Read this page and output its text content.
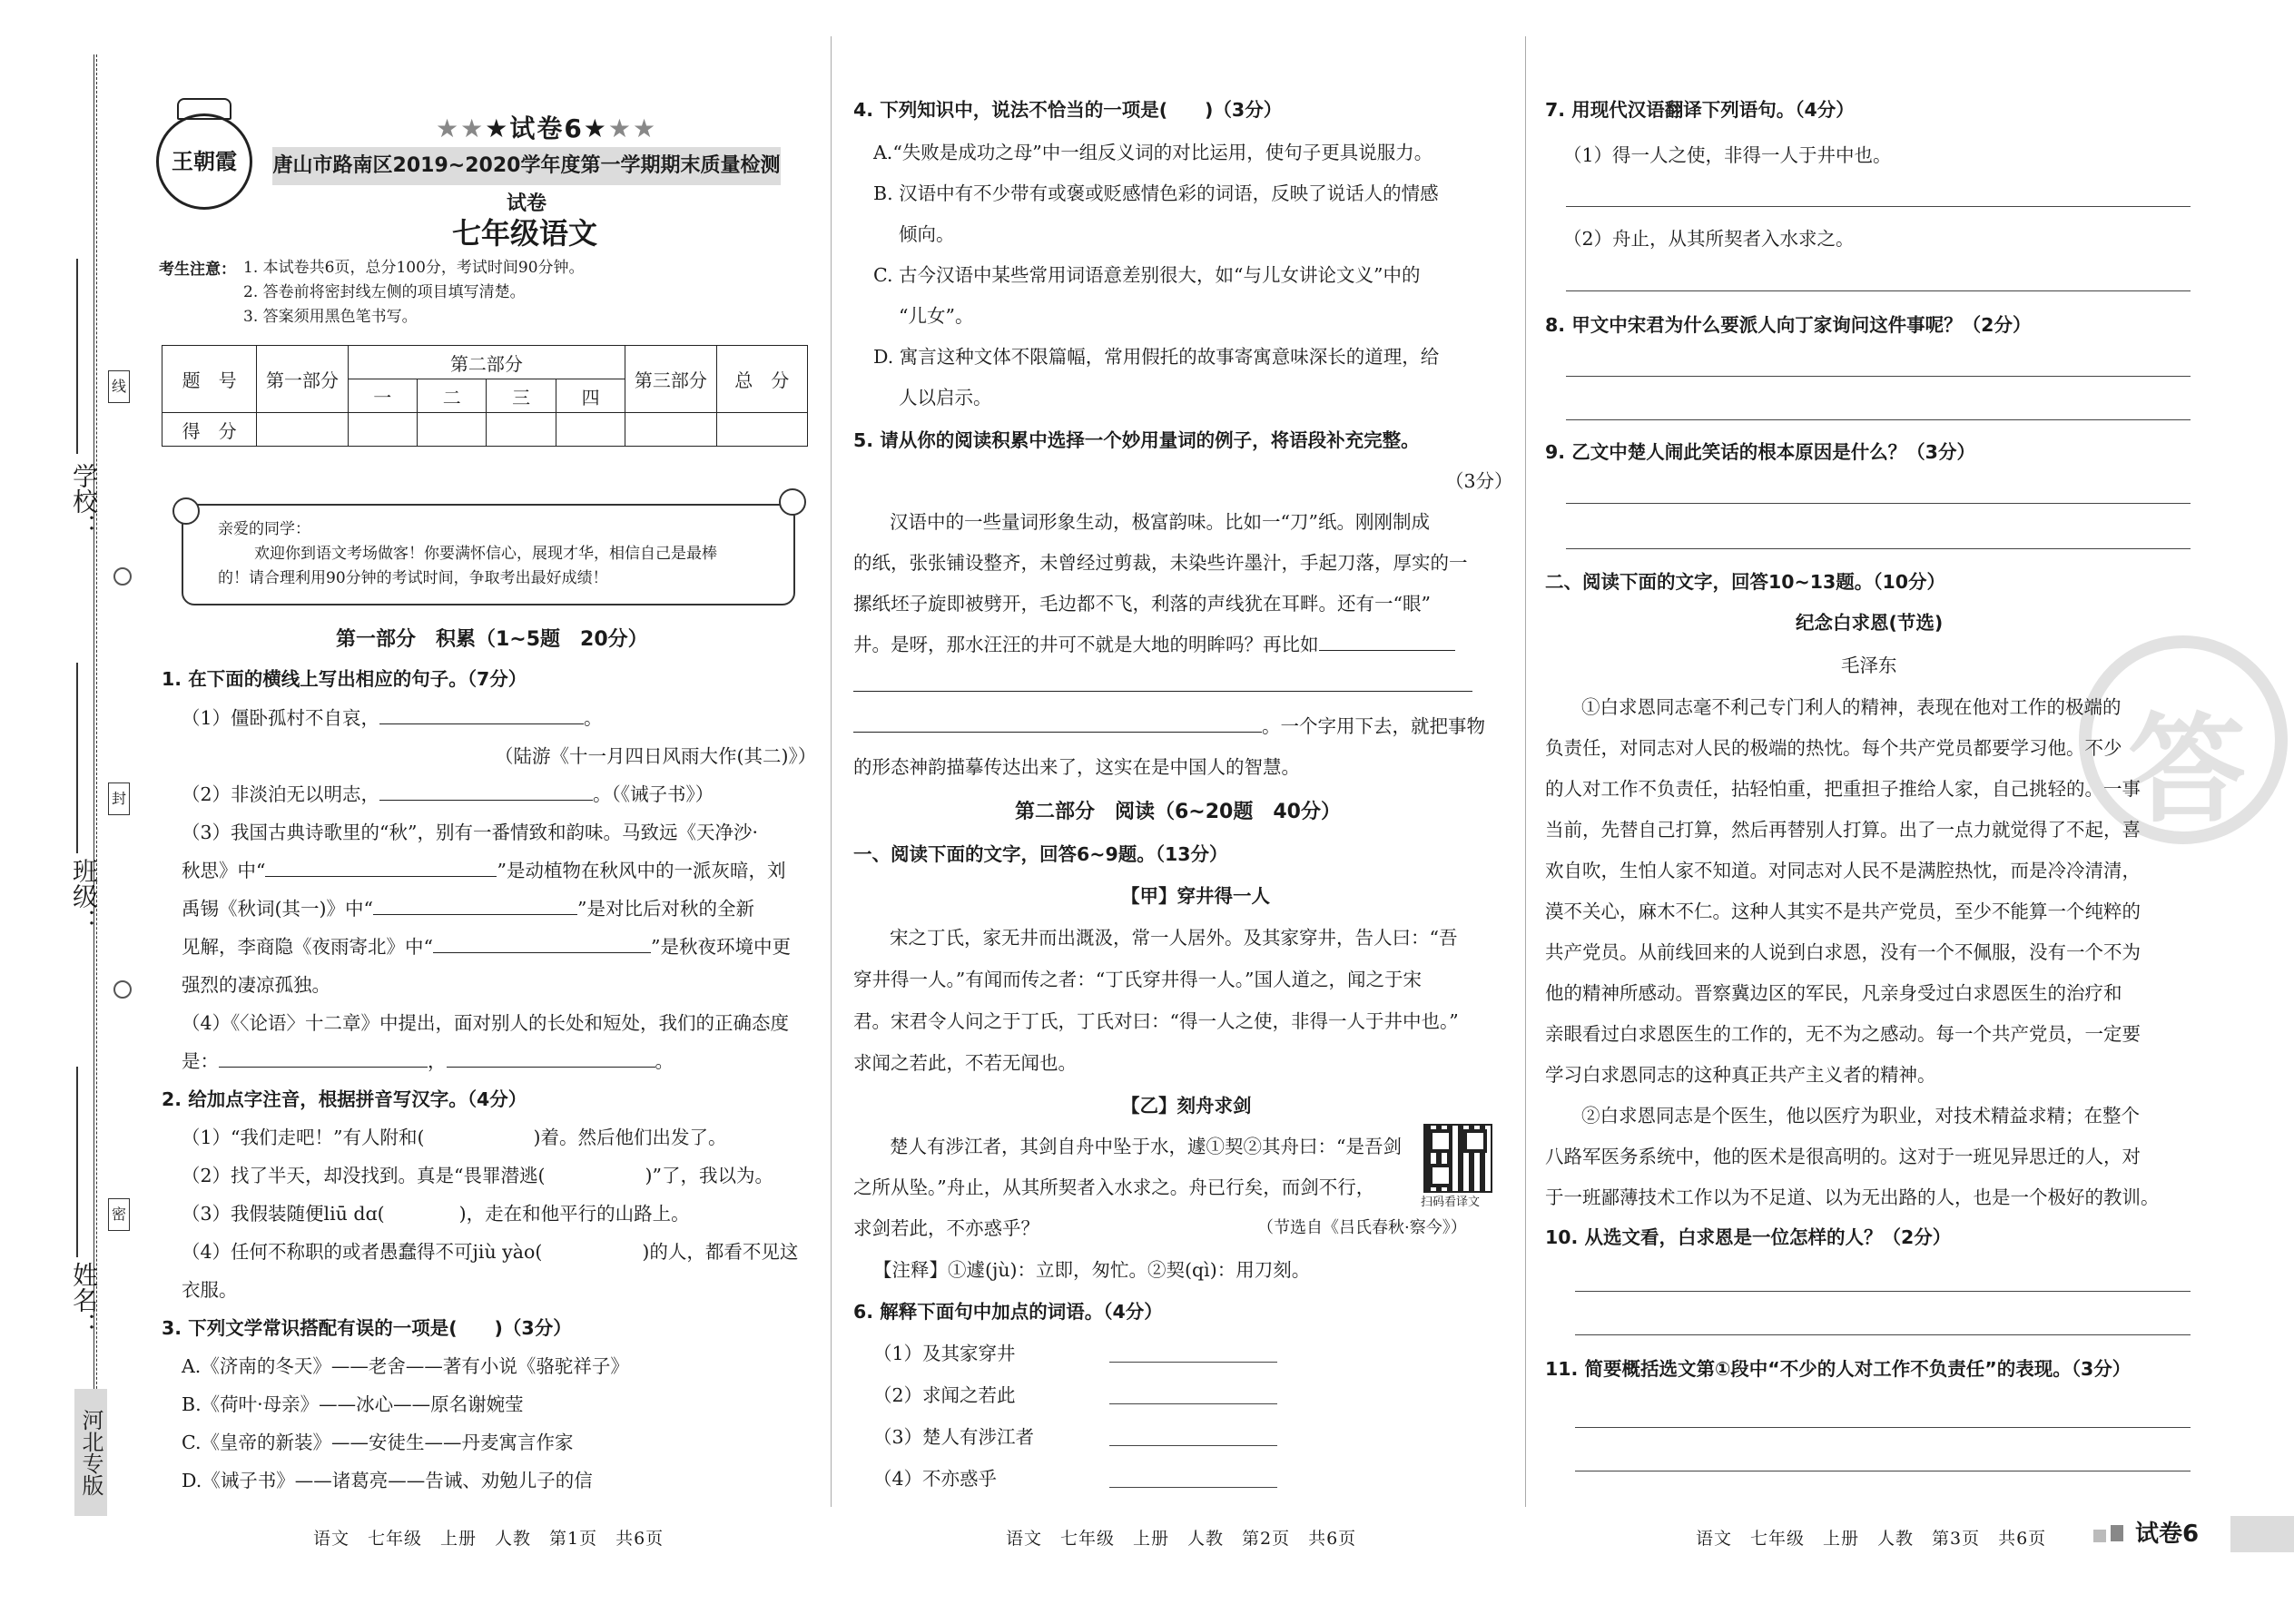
学校：
班级：
姓名：
线
封
密
河北专版
王朝霞
★★★试卷6★★★
唐山市路南区2019~2020学年度第一学期期末质量检测试卷
七年级语文
考生注意： 1. 本试卷共6页，总分100分，考试时间90分钟。
2. 答卷前将密封线左侧的项目填写清楚。
3. 答案须用黑色笔书写。
题　号	第一部分	第二部分				第三部分	总　分
		一	二	三	四		
得　分							
亲爱的同学：
欢迎你到语文考场做客！你要满怀信心，展现才华，相信自己是最棒
的！请合理利用90分钟的考试时间，争取考出最好成绩！
第一部分　积累（1~5题　20分）
1. 在下面的横线上写出相应的句子。（7分）
（1）僵卧孤村不自哀，	。
（陆游《十一月四日风雨大作(其二)》）
（2）非淡泊无以明志，	。（《诫子书》）
（3）我国古典诗歌里的“秋”，别有一番情致和韵味。马致远《天净沙·
秋思》中“	”是动植物在秋风中的一派灰暗，刘
禹锡《秋词(其一)》中“	”是对比后对秋的全新
见解，李商隐《夜雨寄北》中“	”是秋夜环境中更
强烈的凄凉孤独。
（4）《〈论语〉十二章》中提出，面对别人的长处和短处，我们的正确态度
是：	，	。
2. 给加点字注音，根据拼音写汉字。（4分）
（1）“我们走吧！”有人附和(	)着。然后他们出发了。
（2）找了半天，却没找到。真是“畏罪潜逃(	)”了，我以为。
（3）我假装随便liū dɑ(　　　　)，走在和他平行的山路上。
（4）任何不称职的或者愚蠢得不可jiù yào(	)的人，都看不见这
衣服。
3. 下列文学常识搭配有误的一项是(　　)（3分）
A.《济南的冬天》——老舍——著有小说《骆驼祥子》
B.《荷叶·母亲》——冰心——原名谢婉莹
C.《皇帝的新装》——安徒生——丹麦寓言作家
D.《诫子书》——诸葛亮——告诫、劝勉儿子的信
语文　七年级　上册　人教　第1页　共6页
4. 下列知识中，说法不恰当的一项是(　　)（3分）
A.“失败是成功之母”中一组反义词的对比运用，使句子更具说服力。
B. 汉语中有不少带有或褒或贬感情色彩的词语，反映了说话人的情感
倾向。
C. 古今汉语中某些常用词语意差别很大，如“与儿女讲论文义”中的
“儿女”。
D. 寓言这种文体不限篇幅，常用假托的故事寄寓意味深长的道理，给
人以启示。
5. 请从你的阅读积累中选择一个妙用量词的例子，将语段补充完整。
（3分）
汉语中的一些量词形象生动，极富韵味。比如一“刀”纸。刚刚制成
的纸，张张铺设整齐，未曾经过剪裁，未染些许墨汁，手起刀落，厚实的一
摞纸坯子旋即被劈开，毛边都不飞，利落的声线犹在耳畔。还有一“眼”
井。是呀，那水汪汪的井可不就是大地的明眸吗？再比如
。一个字用下去，就把事物
的形态神韵描摹传达出来了，这实在是中国人的智慧。
第二部分　阅读（6~20题　40分）
一、阅读下面的文字，回答6~9题。（13分）
【甲】穿井得一人
宋之丁氏，家无井而出溉汲，常一人居外。及其家穿井，告人曰：“吾
穿井得一人。”有闻而传之者：“丁氏穿井得一人。”国人道之，闻之于宋
君。宋君令人问之于丁氏，丁氏对曰：“得一人之使，非得一人于井中也。”
求闻之若此，不若无闻也。
【乙】刻舟求剑
楚人有涉江者，其剑自舟中坠于水，遽①契②其舟曰：“是吾剑
之所从坠。”舟止，从其所契者入水求之。舟已行矣，而剑不行，
求剑若此，不亦惑乎？	（节选自《吕氏春秋·察今》）
扫码看译文
【注释】①遽(jù)：立即，匆忙。②契(qì)：用刀刻。
6. 解释下面句中加点的词语。（4分）
（1）及其家穿井
（2）求闻之若此
（3）楚人有涉江者
（4）不亦惑乎
语文　七年级　上册　人教　第2页　共6页
答
7. 用现代汉语翻译下列语句。（4分）
（1）得一人之使，非得一人于井中也。
（2）舟止，从其所契者入水求之。
8. 甲文中宋君为什么要派人向丁家询问这件事呢？（2分）
9. 乙文中楚人闹此笑话的根本原因是什么？（3分）
二、阅读下面的文字，回答10~13题。（10分）
纪念白求恩(节选)
毛泽东
①白求恩同志毫不利己专门利人的精神，表现在他对工作的极端的
负责任，对同志对人民的极端的热忱。每个共产党员都要学习他。不少
的人对工作不负责任，拈轻怕重，把重担子推给人家，自己挑轻的。一事
当前，先替自己打算，然后再替别人打算。出了一点力就觉得了不起，喜
欢自吹，生怕人家不知道。对同志对人民不是满腔热忱，而是冷冷清清，
漠不关心，麻木不仁。这种人其实不是共产党员，至少不能算一个纯粹的
共产党员。从前线回来的人说到白求恩，没有一个不佩服，没有一个不为
他的精神所感动。晋察冀边区的军民，凡亲身受过白求恩医生的治疗和
亲眼看过白求恩医生的工作的，无不为之感动。每一个共产党员，一定要
学习白求恩同志的这种真正共产主义者的精神。
②白求恩同志是个医生，他以医疗为职业，对技术精益求精；在整个
八路军医务系统中，他的医术是很高明的。这对于一班见异思迁的人，对
于一班鄙薄技术工作以为不足道、以为无出路的人，也是一个极好的教训。
10. 从选文看，白求恩是一位怎样的人？（2分）
11. 简要概括选文第①段中“不少的人对工作不负责任”的表现。（3分）
语文　七年级　上册　人教　第3页　共6页	试卷6
